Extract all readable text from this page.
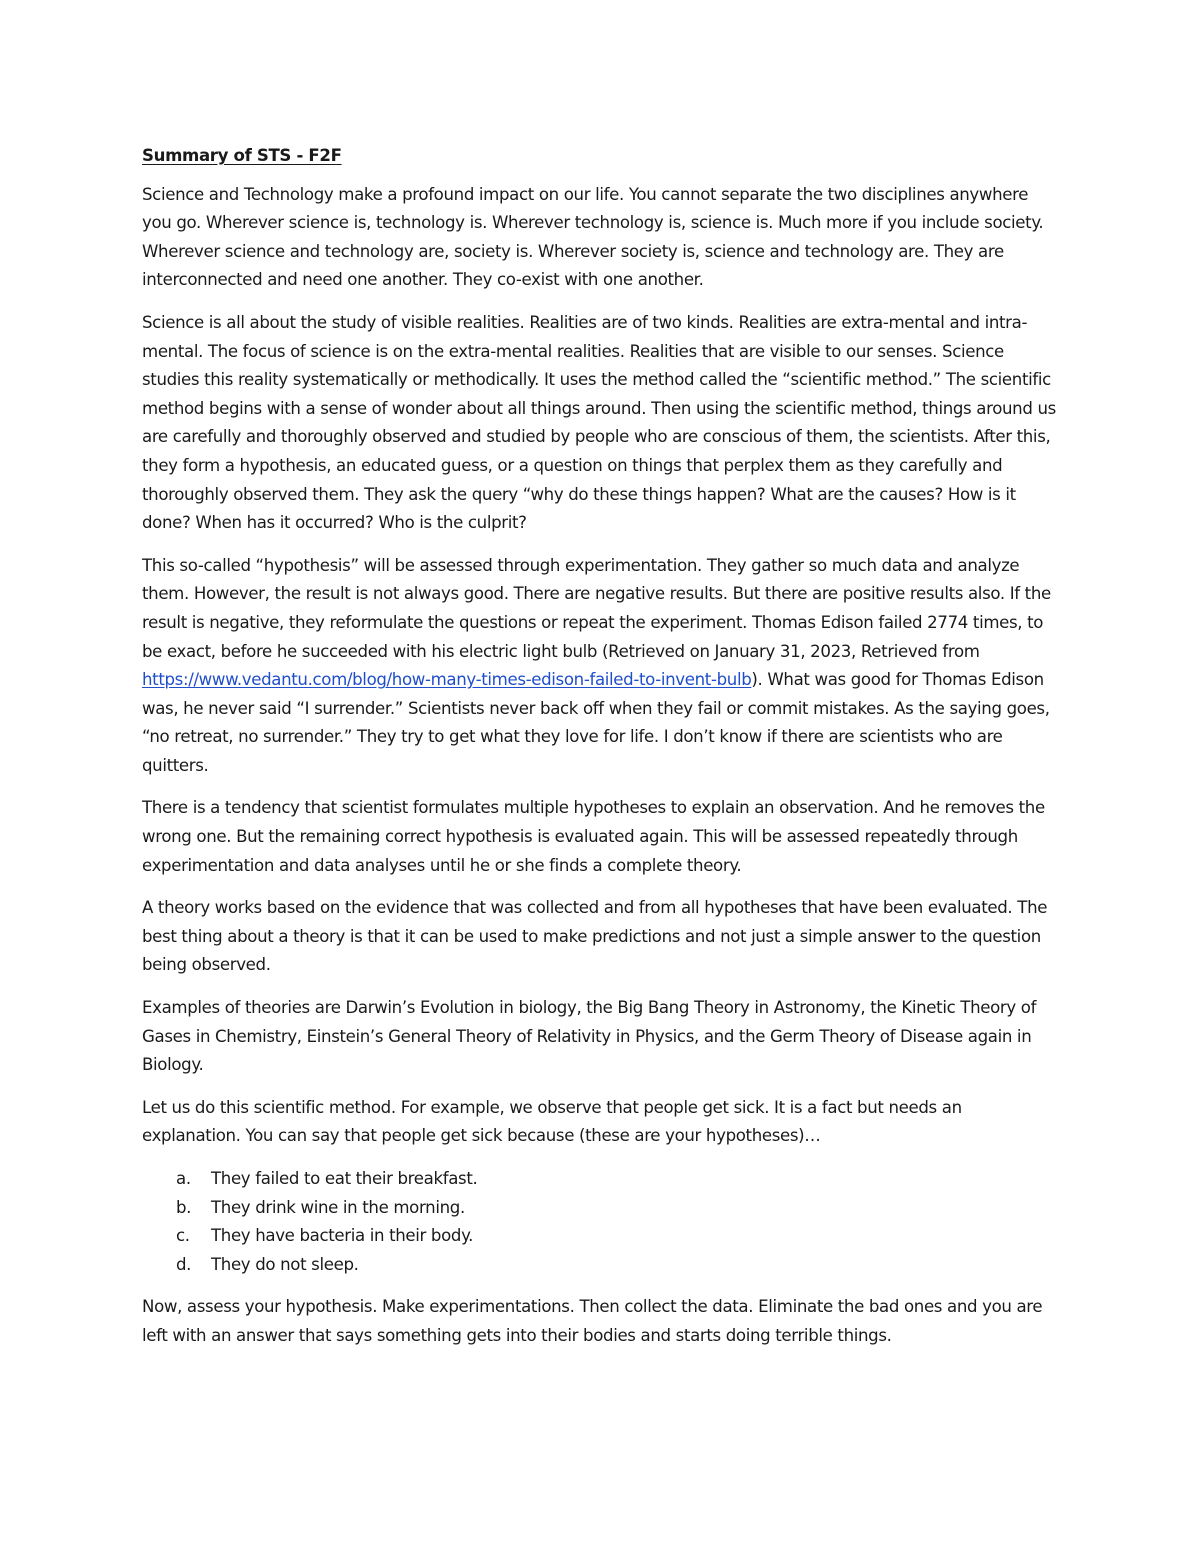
Summary of STS - F2F

Science and Technology make a profound impact on our life. You cannot separate the two disciplines anywhere you go. Wherever science is, technology is. Wherever technology is, science is. Much more if you include society. Wherever science and technology are, society is. Wherever society is, science and technology are. They are interconnected and need one another. They co-exist with one another.

Science is all about the study of visible realities. Realities are of two kinds. Realities are extra-mental and intra-mental. The focus of science is on the extra-mental realities. Realities that are visible to our senses. Science studies this reality systematically or methodically. It uses the method called the “scientific method.” The scientific method begins with a sense of wonder about all things around. Then using the scientific method, things around us are carefully and thoroughly observed and studied by people who are conscious of them, the scientists. After this, they form a hypothesis, an educated guess, or a question on things that perplex them as they carefully and thoroughly observed them. They ask the query “why do these things happen? What are the causes? How is it done? When has it occurred? Who is the culprit?

This so-called “hypothesis” will be assessed through experimentation. They gather so much data and analyze them. However, the result is not always good. There are negative results. But there are positive results also. If the result is negative, they reformulate the questions or repeat the experiment. Thomas Edison failed 2774 times, to be exact, before he succeeded with his electric light bulb (Retrieved on January 31, 2023, Retrieved from https://www.vedantu.com/blog/how-many-times-edison-failed-to-invent-bulb). What was good for Thomas Edison was, he never said “I surrender.” Scientists never back off when they fail or commit mistakes. As the saying goes, “no retreat, no surrender.” They try to get what they love for life. I don’t know if there are scientists who are quitters.

There is a tendency that scientist formulates multiple hypotheses to explain an observation. And he removes the wrong one. But the remaining correct hypothesis is evaluated again. This will be assessed repeatedly through experimentation and data analyses until he or she finds a complete theory.

A theory works based on the evidence that was collected and from all hypotheses that have been evaluated. The best thing about a theory is that it can be used to make predictions and not just a simple answer to the question being observed.

Examples of theories are Darwin’s Evolution in biology, the Big Bang Theory in Astronomy, the Kinetic Theory of Gases in Chemistry, Einstein’s General Theory of Relativity in Physics, and the Germ Theory of Disease again in Biology.

Let us do this scientific method. For example, we observe that people get sick. It is a fact but needs an explanation. You can say that people get sick because (these are your hypotheses)…

a.	They failed to eat their breakfast.
b.	They drink wine in the morning.
c.	They have bacteria in their body.
d.	They do not sleep.

Now, assess your hypothesis. Make experimentations. Then collect the data. Eliminate the bad ones and you are left with an answer that says something gets into their bodies and starts doing terrible things.
